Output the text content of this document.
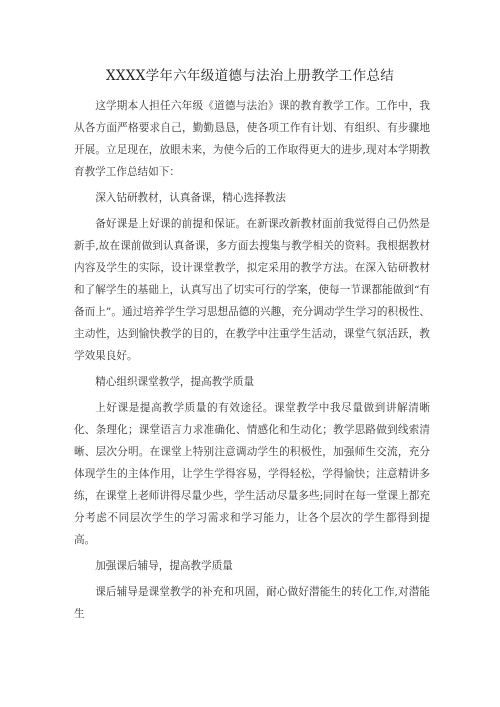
XXXX学年六年级道德与法治上册教学工作总结

这学期本人担任六年级《道德与法治》课的教育教学工作。工作中，我从各方面严格要求自己，勤勤恳恳，使各项工作有计划、有组织、有步骤地开展。立足现在，放眼未来，为使今后的工作取得更大的进步,现对本学期教育教学工作总结如下：

深入钻研教材，认真备课，精心选择教法

备好课是上好课的前提和保证。在新课改新教材面前我觉得自己仍然是新手,故在课前做到认真备课，多方面去搜集与教学相关的资料。我根据教材内容及学生的实际，设计课堂教学，拟定采用的教学方法。在深入钻研教材和了解学生的基础上，认真写出了切实可行的学案，使每一节课都能做到“有备而上”。通过培养学生学习思想品德的兴趣，充分调动学生学习的积极性、主动性，达到愉快教学的目的，在教学中注重学生活动，课堂气氛活跃，教学效果良好。

精心组织课堂教学，提高教学质量

上好课是提高教学质量的有效途径。课堂教学中我尽量做到讲解清晰化、条理化；课堂语言力求准确化、情感化和生动化；教学思路做到线索清晰、层次分明。在课堂上特别注意调动学生的积极性，加强师生交流，充分体现学生的主体作用，让学生学得容易，学得轻松，学得愉快；注意精讲多练，在课堂上老师讲得尽量少些，学生活动尽量多些;同时在每一堂课上都充分考虑不同层次学生的学习需求和学习能力，让各个层次的学生都得到提高。

加强课后辅导，提高教学质量

课后辅导是课堂教学的补充和巩固，耐心做好潜能生的转化工作,对潜能生
